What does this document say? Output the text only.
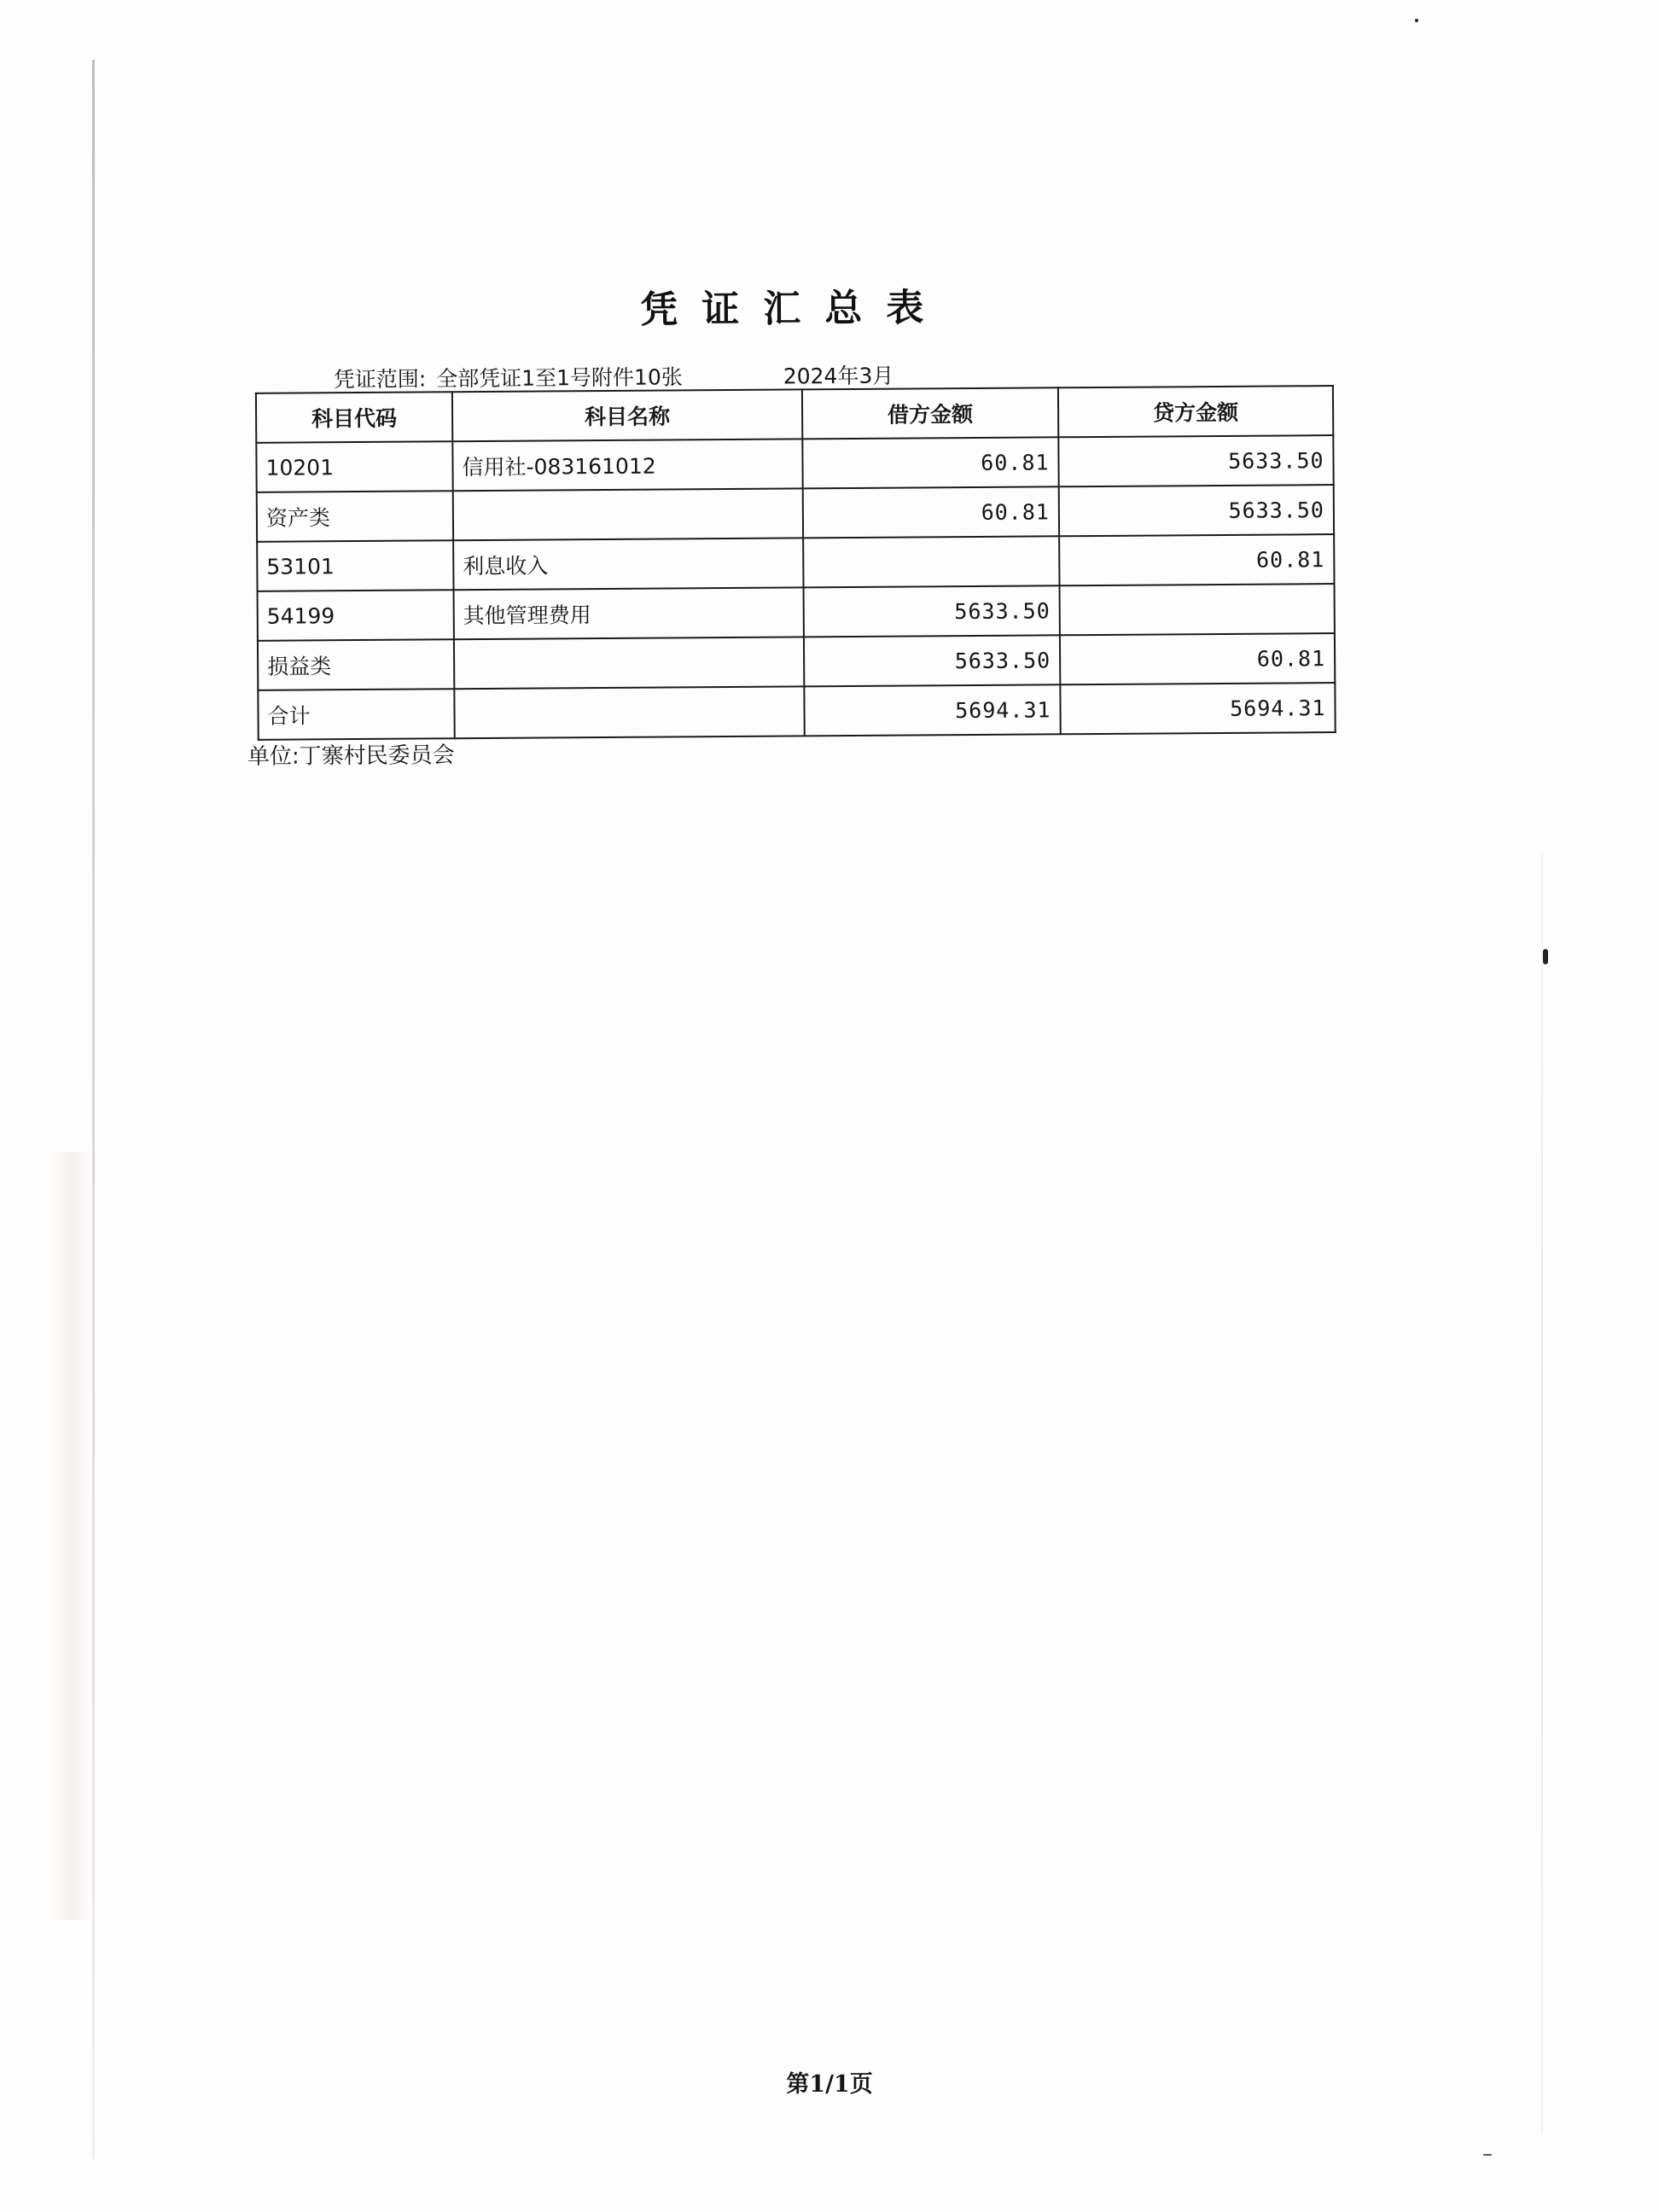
凭证汇总表
凭证范围: 全部凭证1至1号附件10张	2024年3月
科目代码	科目名称	借方金额	贷方金额
10201	信用社-083161012	60.81	5633.50
资产类		60.81	5633.50
53101	利息收入		60.81
54199	其他管理费用	5633.50	
损益类		5633.50	60.81
合计		5694.31	5694.31
单位:丁寨村民委员会
第1/1页
